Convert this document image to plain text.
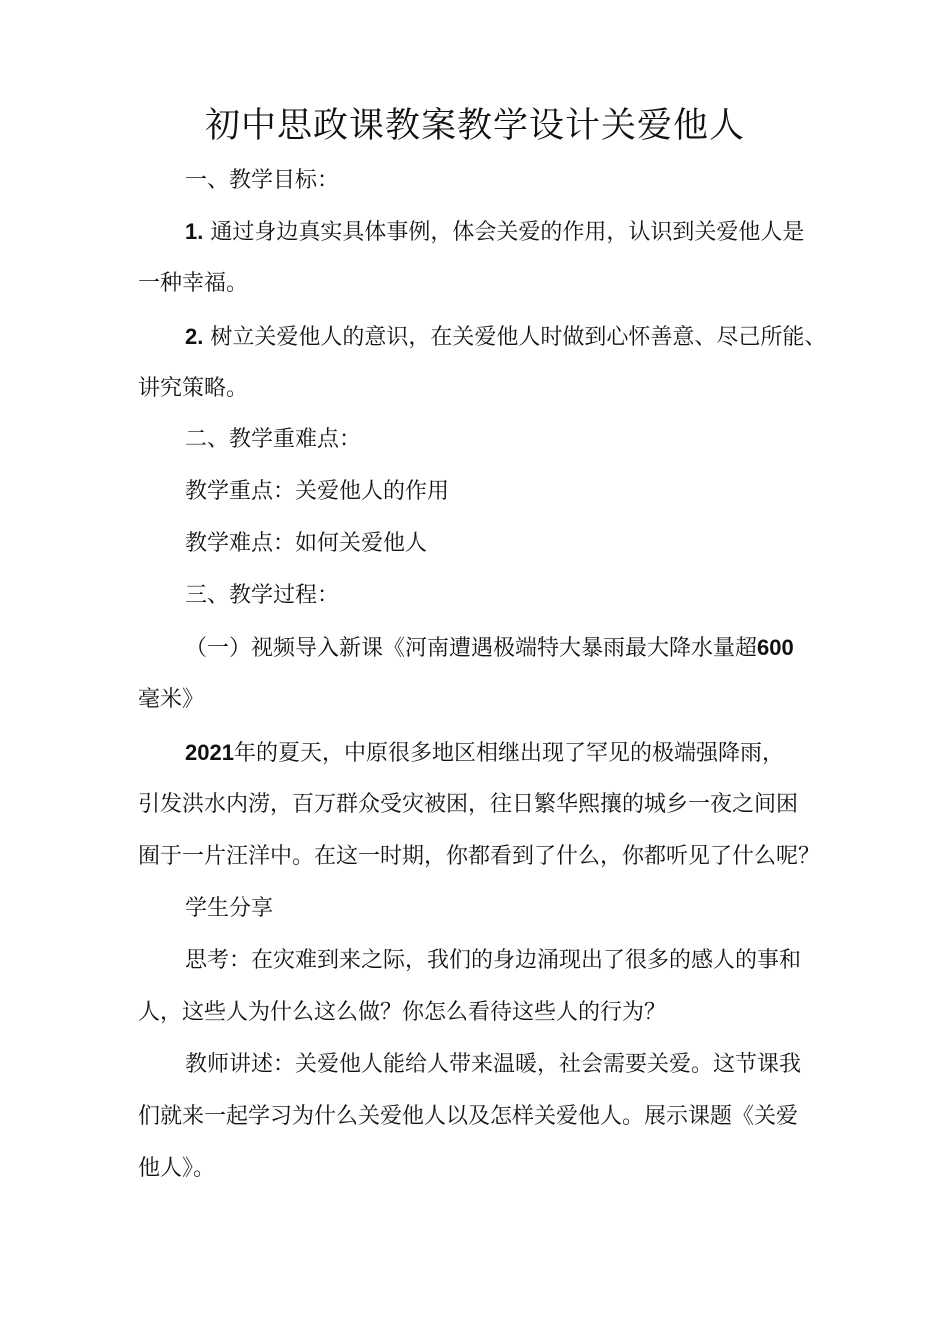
初中思政课教案教学设计关爱他人
一、教学目标：
1. 通过身边真实具体事例，体会关爱的作用，认识到关爱他人是
一种幸福。
2. 树立关爱他人的意识，在关爱他人时做到心怀善意、尽己所能、
讲究策略。
二、教学重难点：
教学重点：关爱他人的作用
教学难点：如何关爱他人
三、教学过程：
（一）视频导入新课《河南遭遇极端特大暴雨最大降水量超600
毫米》
2021年的夏天，中原很多地区相继出现了罕见的极端强降雨，
引发洪水内涝，百万群众受灾被困，往日繁华熙攘的城乡一夜之间困
囿于一片汪洋中。在这一时期，你都看到了什么，你都听见了什么呢？
学生分享
思考：在灾难到来之际，我们的身边涌现出了很多的感人的事和
人，这些人为什么这么做？你怎么看待这些人的行为？
教师讲述：关爱他人能给人带来温暖，社会需要关爱。这节课我
们就来一起学习为什么关爱他人以及怎样关爱他人。展示课题《关爱
他人》。
